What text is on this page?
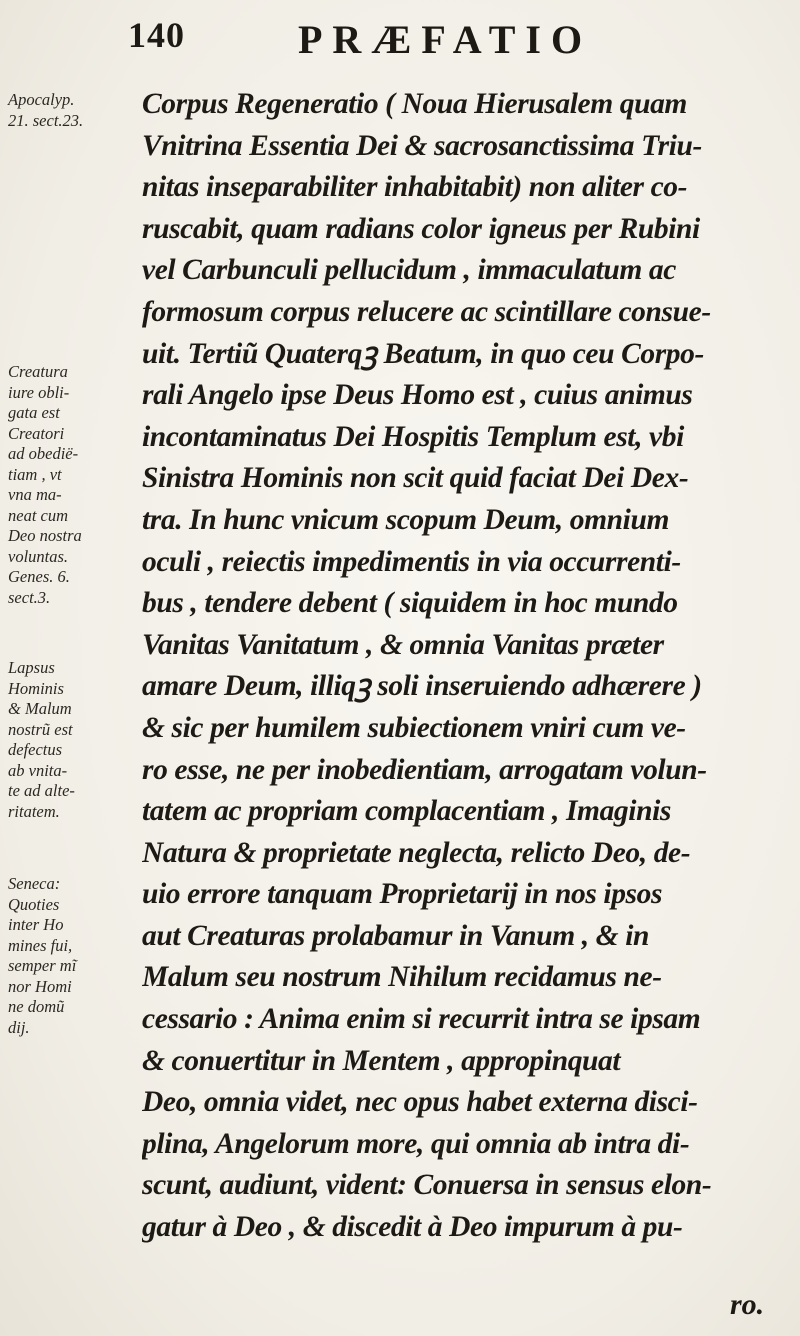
140	PRÆFATIO
Apocalyp.
21. sect.23.
Creatura
iure obli-
gata est
Creatori
ad obedië-
tiam , vt
vna ma-
neat cum
Deo nostra
voluntas.
Genes. 6.
sect.3.
Lapsus
Hominis
& Malum
nostrũ est
defectus
ab vnita-
te ad alte-
ritatem.
Seneca:
Quoties
inter Ho
mines fui,
semper mĩ
nor Homi
ne domũ
dij.
Corpus Regeneratio ( Noua Hierusalem quam
Vnitrina Essentia Dei & sacrosanctissima Triu-
nitas inseparabiliter inhabitabit) non aliter co-
ruscabit, quam radians color igneus per Rubini
vel Carbunculi pellucidum , immaculatum ac
formosum corpus relucere ac scintillare consue-
uit. Tertiũ Quaterqꝫ Beatum, in quo ceu Corpo-
rali Angelo ipse Deus Homo est , cuius animus
incontaminatus Dei Hospitis Templum est, vbi
Sinistra Hominis non scit quid faciat Dei Dex-
tra. In hunc vnicum scopum Deum, omnium
oculi , reiectis impedimentis in via occurrenti-
bus , tendere debent ( siquidem in hoc mundo
Vanitas Vanitatum , & omnia Vanitas præter
amare Deum, illiqꝫ soli inseruiendo adhærere )
& sic per humilem subiectionem vniri cum ve-
ro esse, ne per inobedientiam, arrogatam volun-
tatem ac propriam complacentiam , Imaginis
Natura & proprietate neglecta, relicto Deo, de-
uio errore tanquam Proprietarij in nos ipsos
aut Creaturas prolabamur in Vanum , & in
Malum seu nostrum Nihilum recidamus ne-
cessario : Anima enim si recurrit intra se ipsam
& conuertitur in Mentem , appropinquat
Deo, omnia videt, nec opus habet externa disci-
plina, Angelorum more, qui omnia ab intra di-
scunt, audiunt, vident: Conuersa in sensus elon-
gatur à Deo , & discedit à Deo impurum à pu-
ro.
